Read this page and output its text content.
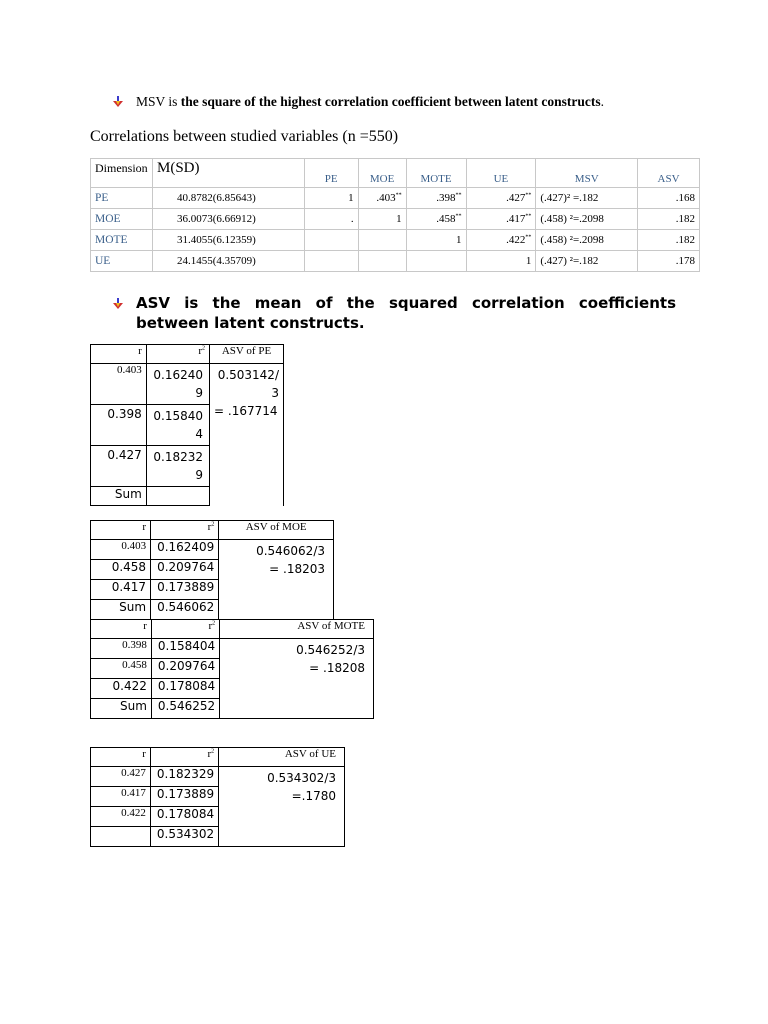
MSV is the square of the highest correlation coefficient between latent constructs.
Correlations between studied variables (n =550)
Dimension	M(SD)	PE	MOE	MOTE	UE	MSV	ASV
PE	40.8782(6.85643)	1	.403**	.398**	.427**	(.427)² =.182	.168
MOE	36.0073(6.66912)	.	1	.458**	.417**	(.458) ²=.2098	.182
MOTE	31.4055(6.12359)			1	.422**	(.458) ²=.2098	.182
UE	24.1455(4.35709)				1	(.427) ²=.182	.178
ASV is the mean of the squared correlation coefficients between latent constructs.
r	$r^2$	ASV of PE
0.403	0.162409	0.503142/
3
= .167714

0.398	0.158404	
0.427	0.182329	
Sum		
r	$r^2$	ASV of MOE
0.403	0.162409	0.546062/3
= .18203

0.458	0.209764	
0.417	0.173889	
Sum	0.546062	
r	$r^2$	ASV of MOTE
0.398	0.158404	0.546252/3
= .18208

0.458	0.209764	
0.422	0.178084	
Sum	0.546252	
r	$r^2$	ASV of UE
0.427	0.182329	0.534302/3
=.1780

0.417	0.173889	
0.422	0.178084	
	0.534302	
